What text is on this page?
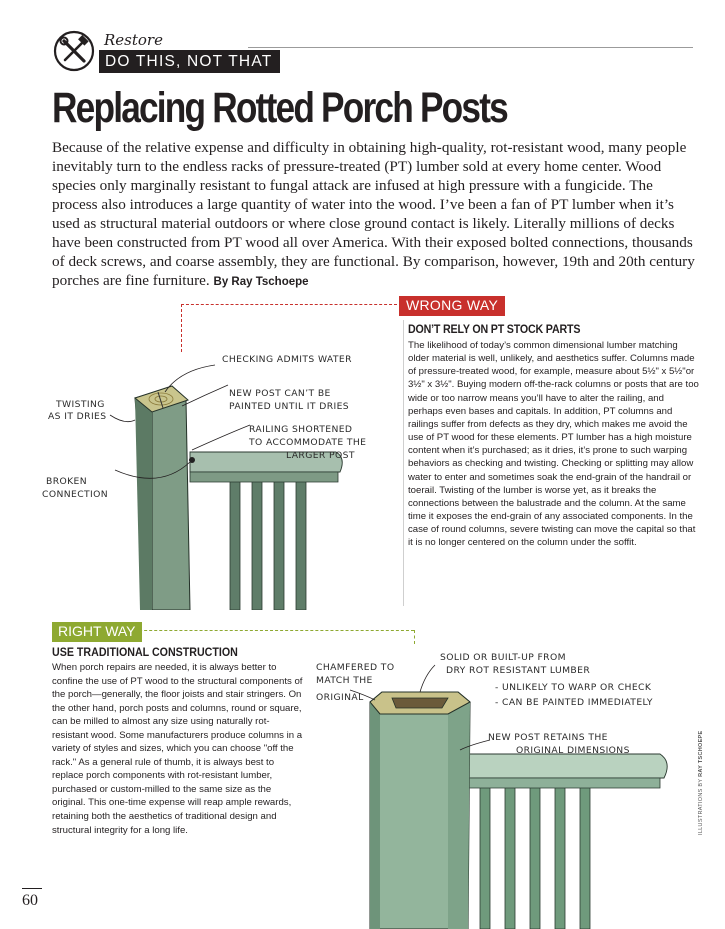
Restore
DO THIS, NOT THAT
Replacing Rotted Porch Posts
Because of the relative expense and difficulty in obtaining high-quality, rot-resistant wood, many people inevitably turn to the endless racks of pressure-treated (PT) lumber sold at every home center. Wood species only marginally resistant to fungal attack are infused at high pressure with a fungicide. The process also introduces a large quantity of water into the wood. I’ve been a fan of PT lumber when it’s used as structural material outdoors or where close ground contact is likely. Literally millions of decks have been constructed from PT wood all over America. With their exposed bolted connections, thousands of deck screws, and coarse assembly, they are functional. By comparison, however, 19th and 20th century porches are fine furniture. By Ray Tschoepe
CHECKING ADMITS WATER
TWISTING
AS IT DRIES
NEW POST CAN’T BE
PAINTED UNTIL IT DRIES
RAILING SHORTENED
TO ACCOMMODATE THE
LARGER POST
BROKEN
CONNECTION
WRONG WAY
DON’T RELY ON PT STOCK PARTS
The likelihood of today’s common dimensional lumber matching older material is well, unlikely, and aesthetics suffer. Columns made of pressure-treated wood, for example, measure about 5½" x 5½"or 3½" x 3½". Buying modern off-the-rack columns or posts that are too wide or too narrow means you’ll have to alter the railing, and perhaps even bases and capitals. In addition, PT columns and railings suffer from defects as they dry, which makes me avoid the use of PT wood for these elements. PT lumber has a high moisture content when it’s purchased; as it dries, it’s prone to such warping behaviors as checking and twisting. Checking or splitting may allow water to enter and sometimes soak the end-grain of the handrail or toerail. Twisting of the lumber is worse yet, as it breaks the connections between the balustrade and the column. At the same time it exposes the end-grain of any associated components. In the case of round columns, severe twisting can move the capital so that it is no longer centered on the column under the soffit.
SOLID OR BUILT-UP FROM
DRY ROT RESISTANT LUMBER
- UNLIKELY TO WARP OR CHECK
- CAN BE PAINTED IMMEDIATELY
CHAMFERED TO
MATCH THE
ORIGINAL
NEW POST RETAINS THE
ORIGINAL DIMENSIONS
RIGHT WAY
USE TRADITIONAL CONSTRUCTION
When porch repairs are needed, it is always better to confine the use of PT wood to the structural components of the porch—generally, the floor joists and stair stringers. On the other hand, porch posts and columns, round or square, can be milled to almost any size using naturally rot-resistant wood. Some manufacturers produce columns in a variety of styles and sizes, which you can choose "off the rack." As a general rule of thumb, it is always best to replace porch components with rot-resistant lumber, purchased or custom-milled to the same size as the original. This one-time expense will reap ample rewards, retaining both the aesthetics of traditional design and structural integrity for a long life.	ILLUSTRATIONS BY RAY TSCHOEPE
60
